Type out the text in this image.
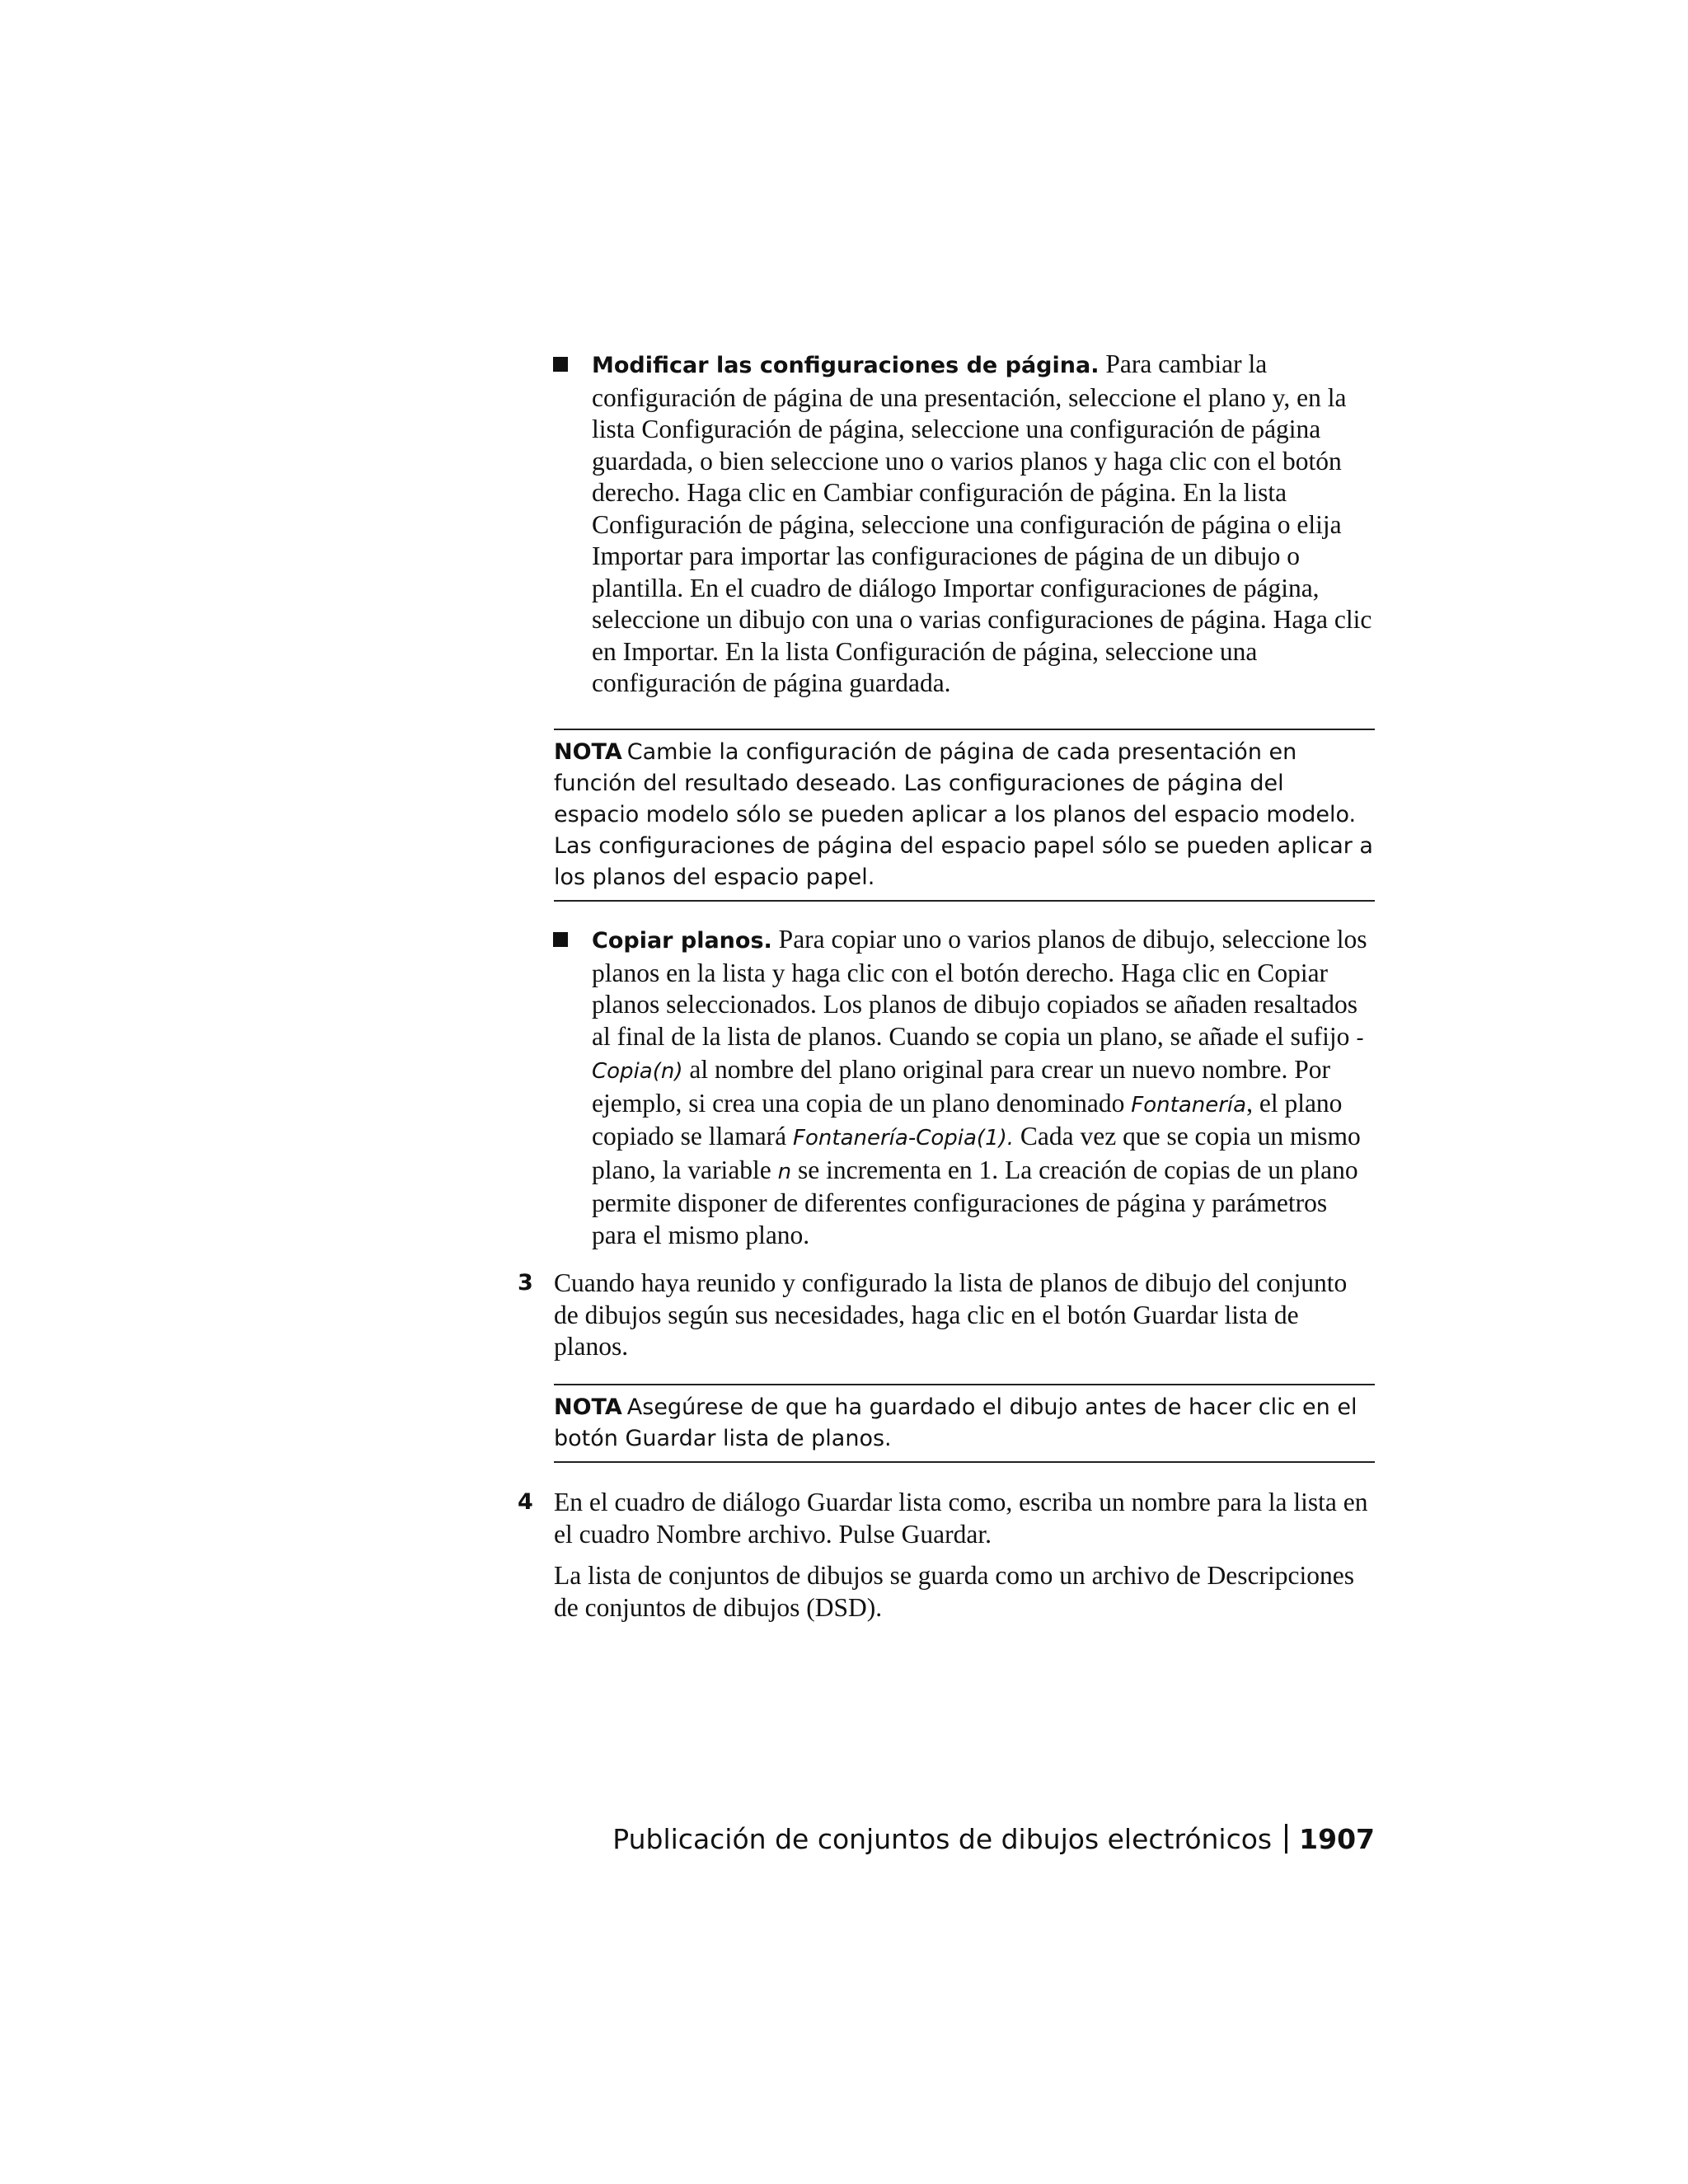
Modificar las configuraciones de página. Para cambiar la configuración de página de una presentación, seleccione el plano y, en la lista Configuración de página, seleccione una configuración de página guardada, o bien seleccione uno o varios planos y haga clic con el botón derecho. Haga clic en Cambiar configuración de página. En la lista Configuración de página, seleccione una configuración de página o elija Importar para importar las configuraciones de página de un dibujo o plantilla. En el cuadro de diálogo Importar configuraciones de página, seleccione un dibujo con una o varias configuraciones de página. Haga clic en Importar. En la lista Configuración de página, seleccione una configuración de página guardada.
NOTA Cambie la configuración de página de cada presentación en función del resultado deseado. Las configuraciones de página del espacio modelo sólo se pueden aplicar a los planos del espacio modelo. Las configuraciones de página del espacio papel sólo se pueden aplicar a los planos del espacio papel.
Copiar planos. Para copiar uno o varios planos de dibujo, seleccione los planos en la lista y haga clic con el botón derecho. Haga clic en Copiar planos seleccionados. Los planos de dibujo copiados se añaden resaltados al final de la lista de planos. Cuando se copia un plano, se añade el sufijo -Copia(n) al nombre del plano original para crear un nuevo nombre. Por ejemplo, si crea una copia de un plano denominado Fontanería, el plano copiado se llamará Fontanería-Copia(1). Cada vez que se copia un mismo plano, la variable n se incrementa en 1. La creación de copias de un plano permite disponer de diferentes configuraciones de página y parámetros para el mismo plano.
3 Cuando haya reunido y configurado la lista de planos de dibujo del conjunto de dibujos según sus necesidades, haga clic en el botón Guardar lista de planos.

NOTA Asegúrese de que ha guardado el dibujo antes de hacer clic en el botón Guardar lista de planos.
4 En el cuadro de diálogo Guardar lista como, escriba un nombre para la lista en el cuadro Nombre archivo. Pulse Guardar.

La lista de conjuntos de dibujos se guarda como un archivo de Descripciones de conjuntos de dibujos (DSD).

Publicación de conjuntos de dibujos electrónicos 1907
